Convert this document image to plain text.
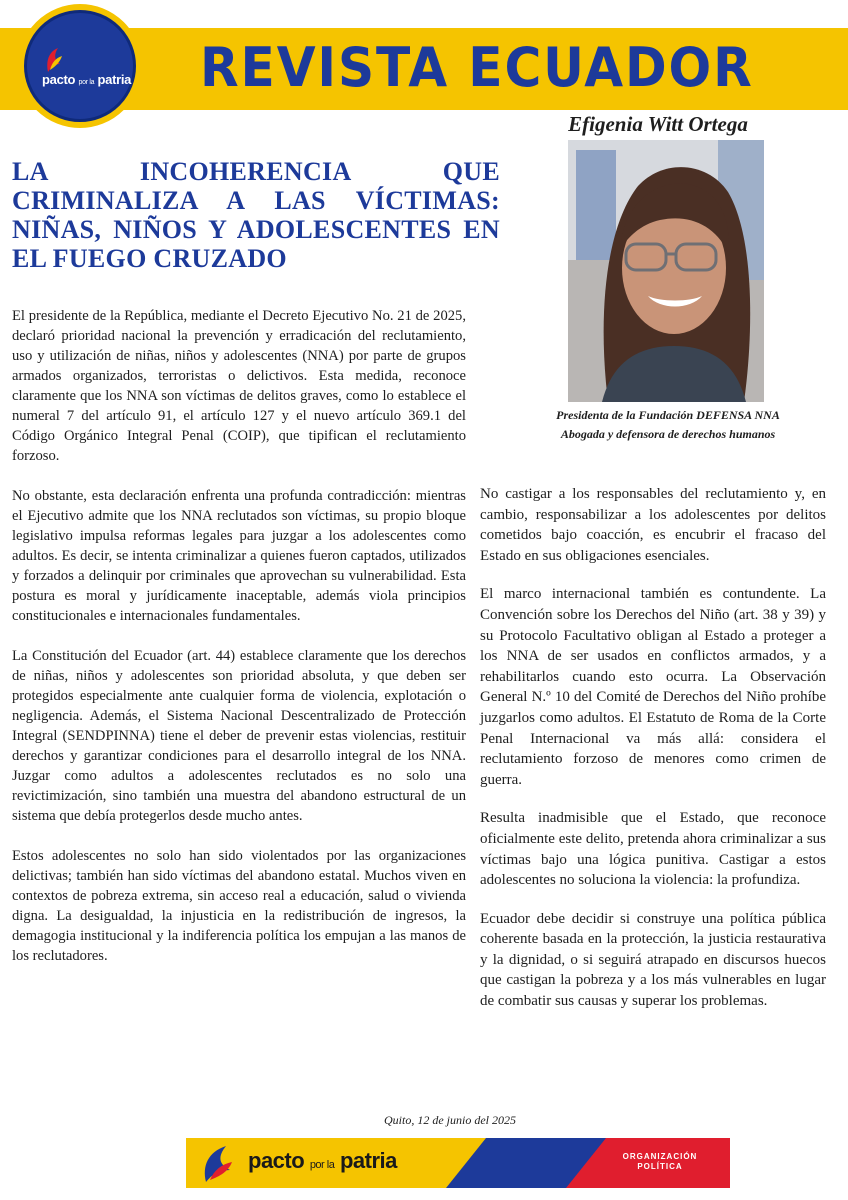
pacto por la patria REVISTA ECUADOR
LA INCOHERENCIA QUE CRIMINALIZA A LAS VÍCTIMAS: NIÑAS, NIÑOS Y ADOLESCENTES EN EL FUEGO CRUZADO
Efigenia Witt Ortega
Presidenta de la Fundación DEFENSA NNA
Abogada y defensora de derechos humanos

El presidente de la República, mediante el Decreto Ejecutivo No. 21 de 2025, declaró prioridad nacional la prevención y erradicación del reclutamiento, uso y utilización de niñas, niños y adolescentes (NNA) por parte de grupos armados organizados, terroristas o delictivos. Esta medida, reconoce claramente que los NNA son víctimas de delitos graves, como lo establece el numeral 7 del artículo 91, el artículo 127 y el nuevo artículo 369.1 del Código Orgánico Integral Penal (COIP), que tipifican el reclutamiento forzoso.

No obstante, esta declaración enfrenta una profunda contradicción: mientras el Ejecutivo admite que los NNA reclutados son víctimas, su propio bloque legislativo impulsa reformas legales para juzgar a los adolescentes como adultos. Es decir, se intenta criminalizar a quienes fueron captados, utilizados y forzados a delinquir por criminales que aprovechan su vulnerabilidad. Esta postura es moral y jurídicamente inaceptable, además viola principios constitucionales e internacionales fundamentales.

La Constitución del Ecuador (art. 44) establece claramente que los derechos de niñas, niños y adolescentes son prioridad absoluta, y que deben ser protegidos especialmente ante cualquier forma de violencia, explotación o negligencia. Además, el Sistema Nacional Descentralizado de Protección Integral (SENDPINNA) tiene el deber de prevenir estas violencias, restituir derechos y garantizar condiciones para el desarrollo integral de los NNA. Juzgar como adultos a adolescentes reclutados es no solo una revictimización, sino también una muestra del abandono estructural de un sistema que debía protegerlos desde mucho antes.

Estos adolescentes no solo han sido violentados por las organizaciones delictivas; también han sido víctimas del abandono estatal. Muchos viven en contextos de pobreza extrema, sin acceso real a educación, salud o vivienda digna. La desigualdad, la injusticia en la redistribución de ingresos, la demagogia institucional y la indiferencia política los empujan a las manos de los reclutadores.

No castigar a los responsables del reclutamiento y, en cambio, responsabilizar a los adolescentes por delitos cometidos bajo coacción, es encubrir el fracaso del Estado en sus obligaciones esenciales.

El marco internacional también es contundente. La Convención sobre los Derechos del Niño (art. 38 y 39) y su Protocolo Facultativo obligan al Estado a proteger a los NNA de ser usados en conflictos armados, y a rehabilitarlos cuando esto ocurra. La Observación General N.º 10 del Comité de Derechos del Niño prohíbe juzgarlos como adultos. El Estatuto de Roma de la Corte Penal Internacional va más allá: considera el reclutamiento forzoso de menores como crimen de guerra.

Resulta inadmisible que el Estado, que reconoce oficialmente este delito, pretenda ahora criminalizar a sus víctimas bajo una lógica punitiva. Castigar a estos adolescentes no soluciona la violencia: la profundiza.

Ecuador debe decidir si construye una política pública coherente basada en la protección, la justicia restaurativa y la dignidad, o si seguirá atrapado en discursos huecos que castigan la pobreza y a los más vulnerables en lugar de combatir sus causas y superar los problemas.

Quito, 12 de junio del 2025
pacto por la patria	ORGANIZACIÓN
POLÍTICA
